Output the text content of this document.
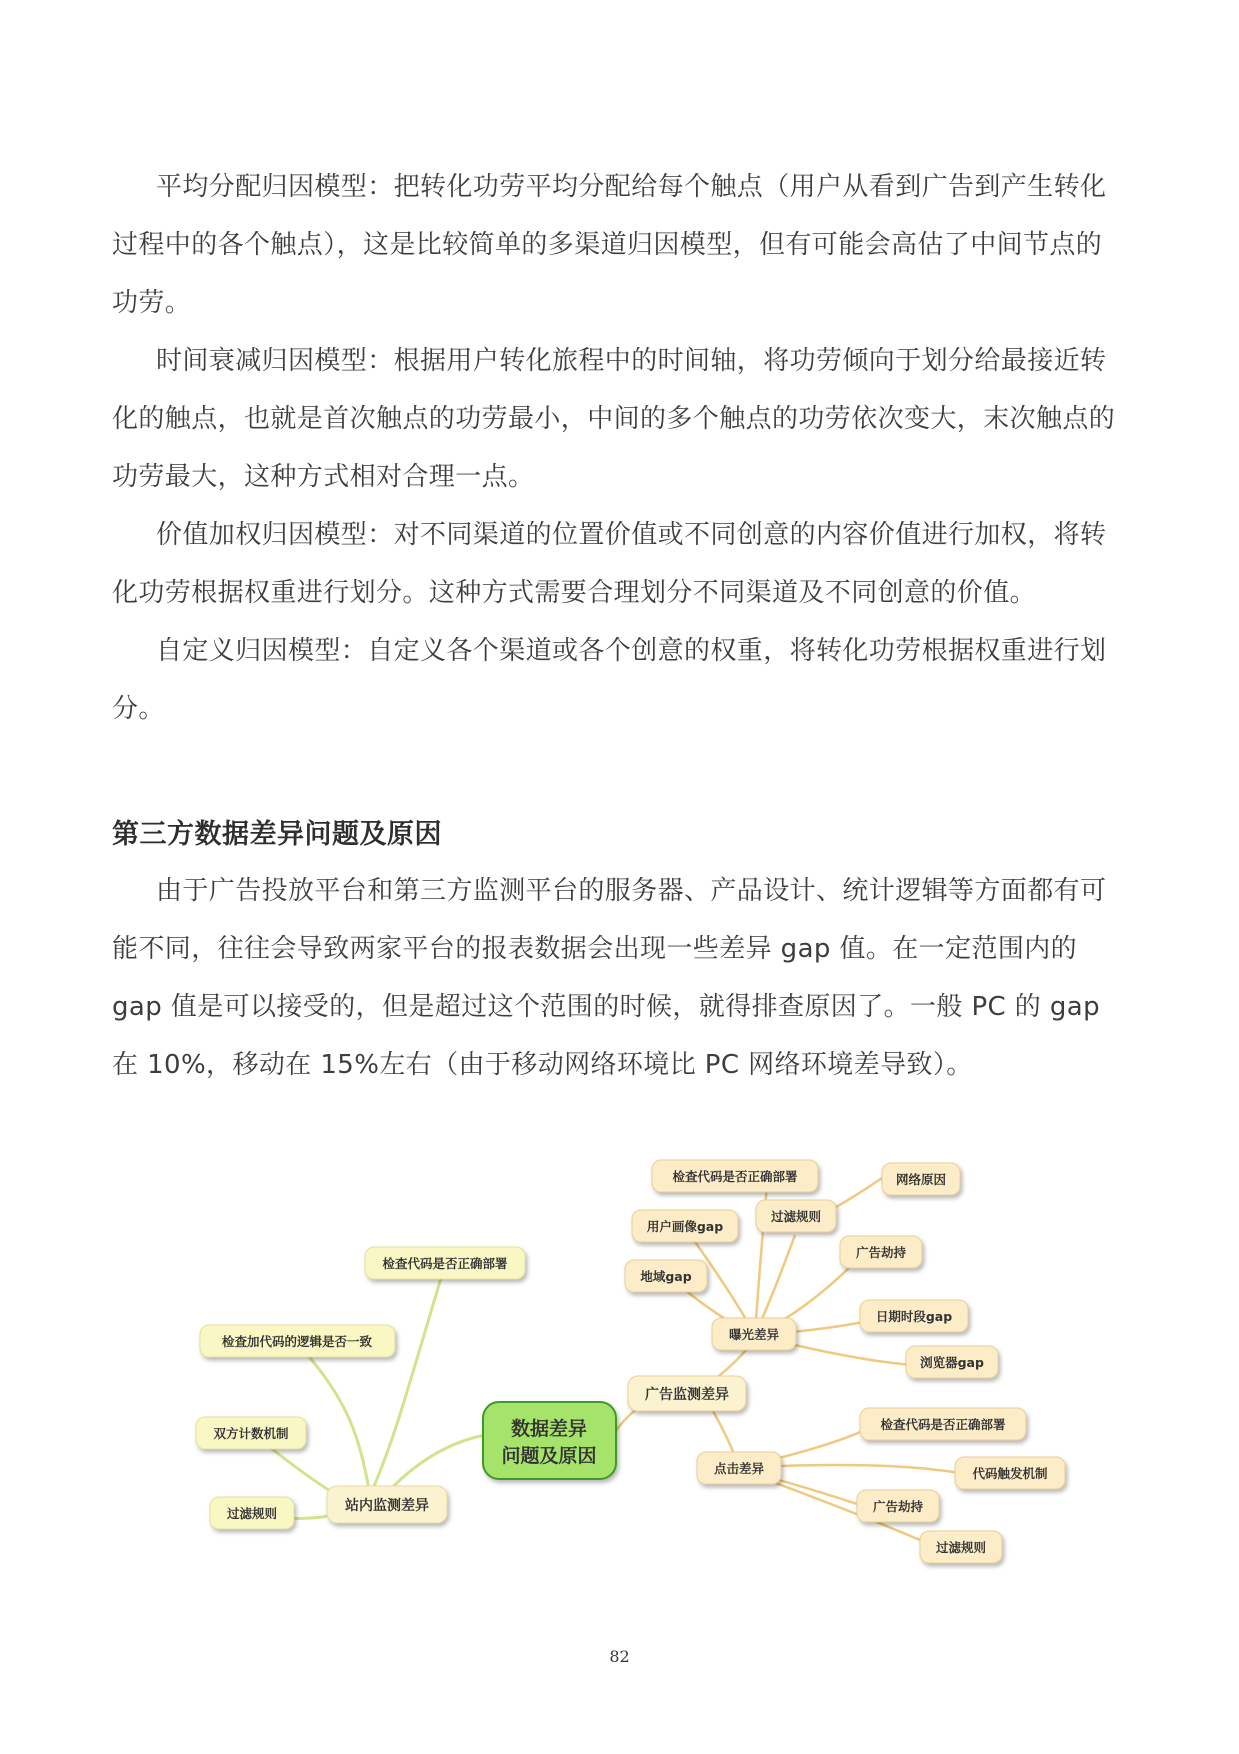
平均分配归因模型：把转化功劳平均分配给每个触点（用户从看到广告到产生转化过程中的各个触点），这是比较简单的多渠道归因模型，但有可能会高估了中间节点的功劳。

时间衰减归因模型：根据用户转化旅程中的时间轴，将功劳倾向于划分给最接近转化的触点，也就是首次触点的功劳最小，中间的多个触点的功劳依次变大，末次触点的功劳最大，这种方式相对合理一点。

价值加权归因模型：对不同渠道的位置价值或不同创意的内容价值进行加权，将转化功劳根据权重进行划分。这种方式需要合理划分不同渠道及不同创意的价值。

自定义归因模型：自定义各个渠道或各个创意的权重，将转化功劳根据权重进行划分。

第三方数据差异问题及原因

由于广告投放平台和第三方监测平台的服务器、产品设计、统计逻辑等方面都有可能不同，往往会导致两家平台的报表数据会出现一些差异 gap 值。在一定范围内的 gap 值是可以接受的，但是超过这个范围的时候，就得排查原因了。一般 PC 的 gap 在 10%，移动在 15%左右（由于移动网络环境比 PC 网络环境差导致）。

数据差异
问题及原因
站内监测差异
检查代码是否正确部署
检查加代码的逻辑是否一致
双方计数机制
过滤规则
广告监测差异
曝光差异
检查代码是否正确部署
用户画像gap
地域gap
过滤规则
广告劫持
日期时段gap
浏览器gap
网络原因
点击差异
检查代码是否正确部署
代码触发机制
广告劫持
过滤规则
82
